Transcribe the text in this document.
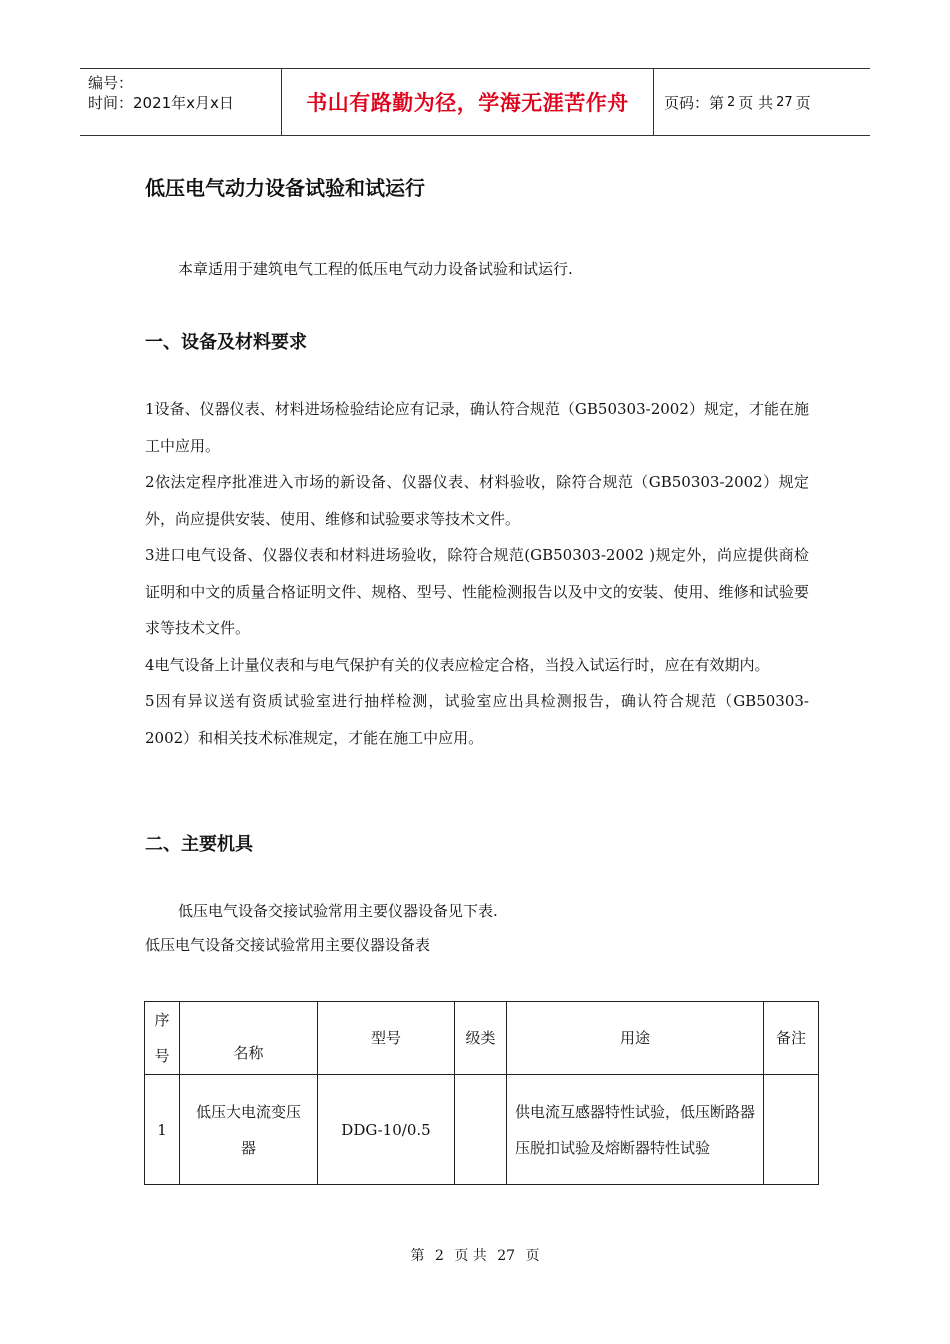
编号：
时间：2021年x月x日	书山有路勤为径，学海无涯苦作舟	页码：第 2 页 共 27 页
低压电气动力设备试验和试运行
本章适用于建筑电气工程的低压电气动力设备试验和试运行.
一、设备及材料要求
1设备、仪器仪表、材料进场检验结论应有记录，确认符合规范（GB50303-2002）规定，才能在施工中应用。
2依法定程序批准进入市场的新设备、仪器仪表、材料验收，除符合规范（GB50303-2002）规定外，尚应提供安装、使用、维修和试验要求等技术文件。
3进口电气设备、仪器仪表和材料进场验收，除符合规范(GB50303-2002 )规定外，尚应提供商检证明和中文的质量合格证明文件、规格、型号、性能检测报告以及中文的安装、使用、维修和试验要求等技术文件。
4电气设备上计量仪表和与电气保护有关的仪表应检定合格，当投入试运行时，应在有效期内。
5因有异议送有资质试验室进行抽样检测，试验室应出具检测报告，确认符合规范（GB50303-2002）和相关技术标准规定，才能在施工中应用。
二、主要机具
低压电气设备交接试验常用主要仪器设备见下表.
低压电气设备交接试验常用主要仪器设备表
序
号	名称	型号	级类	用途	备注
1	低压大电流变压器	DDG-10/0.5		供电流互感器特性试验，低压断路器压脱扣试验及熔断器特性试验	
第 2 页 共 27 页
